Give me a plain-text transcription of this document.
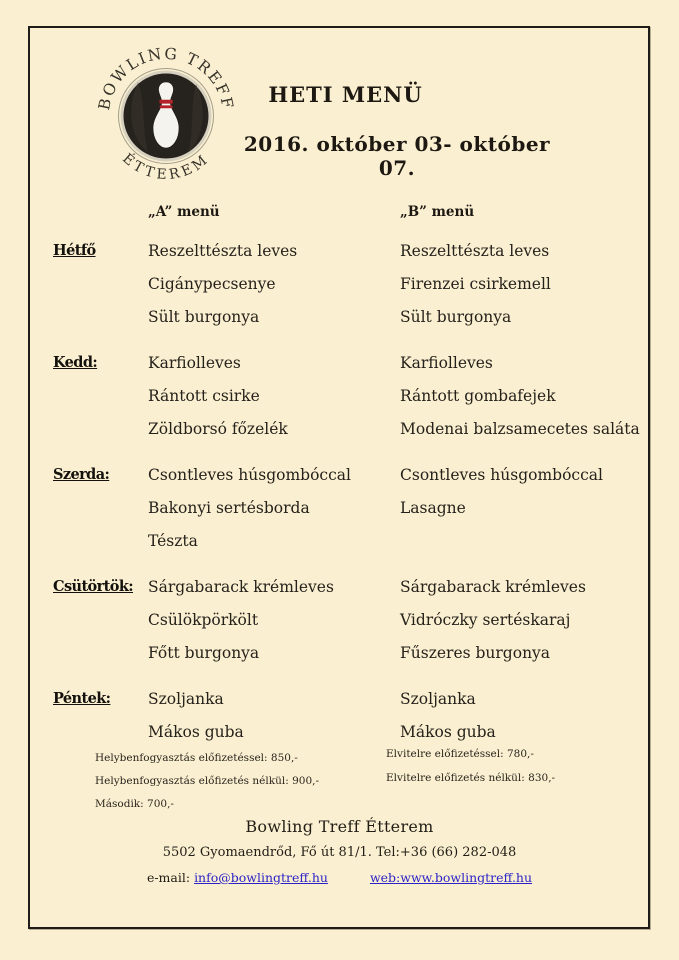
BOWLING TREFF
ÉTTEREM
HETI MENÜ
2016. október 03- október 07.
„A” menü	„B” menü
Hétfő	Reszelttészta leves	Reszelttészta leves
Cigánypecsenye	Firenzei csirkemell
Sült burgonya	Sült burgonya
Kedd:	Karfiolleves	Karfiolleves
Rántott csirke	Rántott gombafejek
Zöldborsó főzelék	Modenai balzsamecetes saláta
Szerda:	Csontleves húsgombóccal	Csontleves húsgombóccal
Bakonyi sertésborda	Lasagne
Tészta
Csütörtök: Sárgabarack krémleves	Sárgabarack krémleves
Csülökpörkölt	Vidróczky sertéskaraj
Főtt burgonya	Fűszeres burgonya
Péntek:	Szoljanka	Szoljanka
Mákos guba	Mákos guba
Helybenfogyasztás előfizetéssel: 850,-
Helybenfogyasztás előfizetés nélkül: 900,-
Második: 700,-
Elvitelre előfizetéssel: 780,-
Elvitelre előfizetés nélkül: 830,-
Bowling Treff Étterem
5502 Gyomaendrőd, Fő út 81/1. Tel:+36 (66) 282-048
e-mail: info@bowlingtreff.hu	web:www.bowlingtreff.hu
